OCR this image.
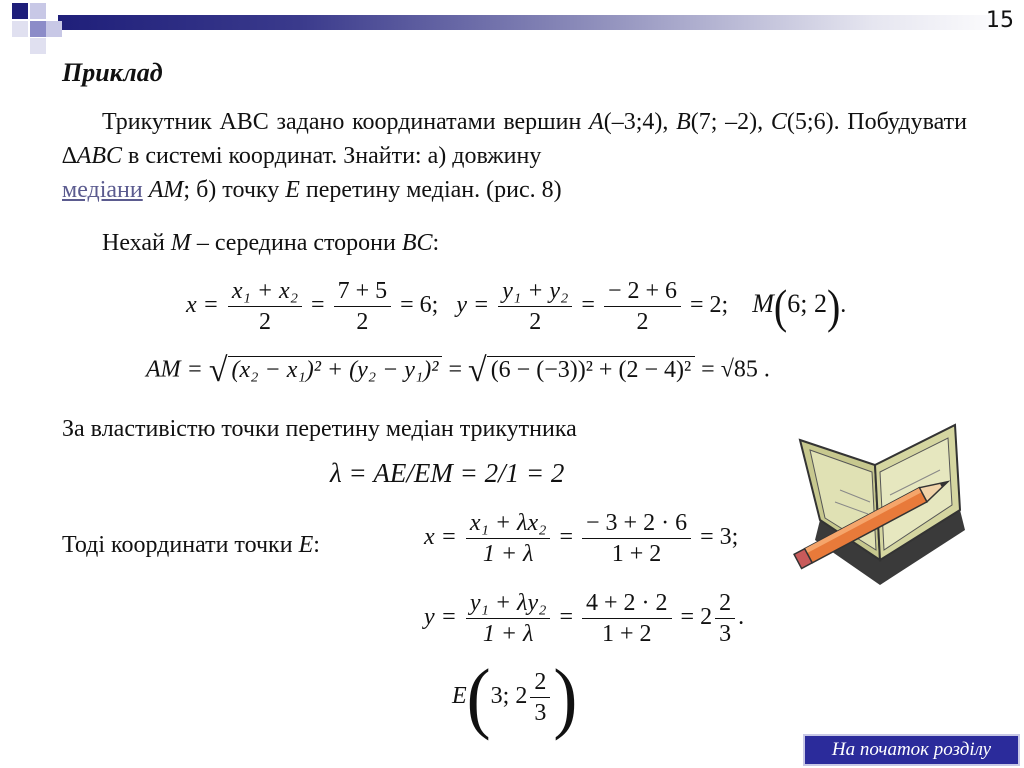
15
Приклад
Трикутник АВС задано координатами вершин A(–3;4), B(7; –2), C(5;6). Побудувати ∆ABC в системі координат. Знайти: а) довжину
медіани AM; б) точку E перетину медіан. (рис. 8)
Нехай M – середина сторони BC:
$x = \frac{\text{x₁ + x₂}}{2} = \frac{7 + 5}{2} = 6$; $y = \frac{\text{y₁ + y₂}}{2} = \frac{- 2 + 6}{2} = 2$; M(6; 2).
AM = √ (x₂ − x₁)² + (y₂ − y₁)² = √ (6 − (−3))² + (2 − 4)² = √85 .
За властивістю точки перетину медіан трикутника
λ = AE/EM = 2/1 = 2
Тоді координати точки E:	$x = \frac{\text{x₁ + λx₂}}{1 + \lambda} = \frac{- 3 + 2 \cdot 6}{1 + 2} = 3$;
$y = \frac{\text{y₁ + λy₂}}{1 + \lambda} = \frac{4 + 2 \cdot 2}{1 + 2} = 2 \frac{2}{3}$ .
E(3; $2 \frac{2}{3}$ )
На початок розділу
